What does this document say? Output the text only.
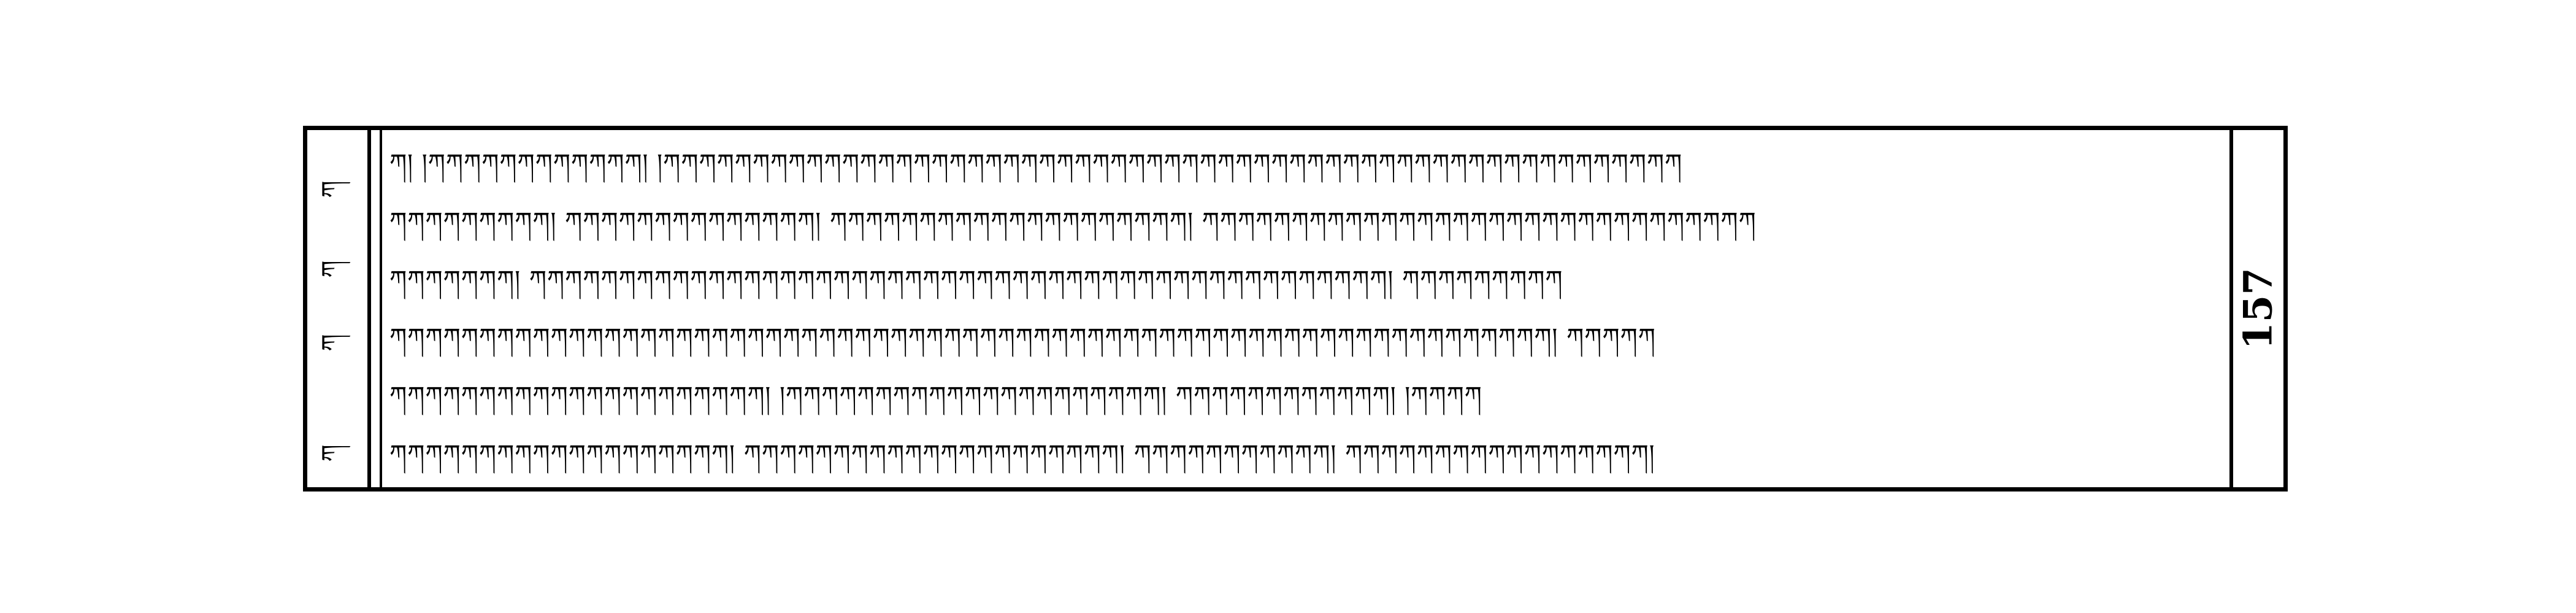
ཀ
ཀ
ཀ
ཀ
ཀ། །ཀཀཀཀཀཀཀཀཀཀཀཀ། །ཀཀཀཀཀཀཀཀཀཀཀཀཀཀཀཀཀཀཀཀཀཀཀཀཀཀཀཀཀཀཀཀཀཀཀཀཀཀཀཀཀཀཀཀཀཀཀཀཀཀཀཀཀཀཀཀཀ
ཀཀཀཀཀཀཀཀཀ། ཀཀཀཀཀཀཀཀཀཀཀཀཀཀ། ཀཀཀཀཀཀཀཀཀཀཀཀཀཀཀཀཀཀཀཀ། ཀཀཀཀཀཀཀཀཀཀཀཀཀཀཀཀཀཀཀཀཀཀཀཀཀཀཀཀཀཀཀ
ཀཀཀཀཀཀཀ། ཀཀཀཀཀཀཀཀཀཀཀཀཀཀཀཀཀཀཀཀཀཀཀཀཀཀཀཀཀཀཀཀཀཀཀཀཀཀཀཀཀཀཀཀཀཀཀཀ། ཀཀཀཀཀཀཀཀཀ
ཀཀཀཀཀཀཀཀཀཀཀཀཀཀཀཀཀཀཀཀཀཀཀཀཀཀཀཀཀཀཀཀཀཀཀཀཀཀཀཀཀཀཀཀཀཀཀཀཀཀཀཀཀཀཀཀཀཀཀཀཀཀཀཀཀ། ཀཀཀཀཀ
ཀཀཀཀཀཀཀཀཀཀཀཀཀཀཀཀཀཀཀཀཀ། །ཀཀཀཀཀཀཀཀཀཀཀཀཀཀཀཀཀཀཀཀཀ། ཀཀཀཀཀཀཀཀཀཀཀཀ། །ཀཀཀཀ
ཀཀཀཀཀཀཀཀཀཀཀཀཀཀཀཀཀཀཀ། ཀཀཀཀཀཀཀཀཀཀཀཀཀཀཀཀཀཀཀཀཀ། ཀཀཀཀཀཀཀཀཀཀཀ། ཀཀཀཀཀཀཀཀཀཀཀཀཀཀཀཀཀ།
157
